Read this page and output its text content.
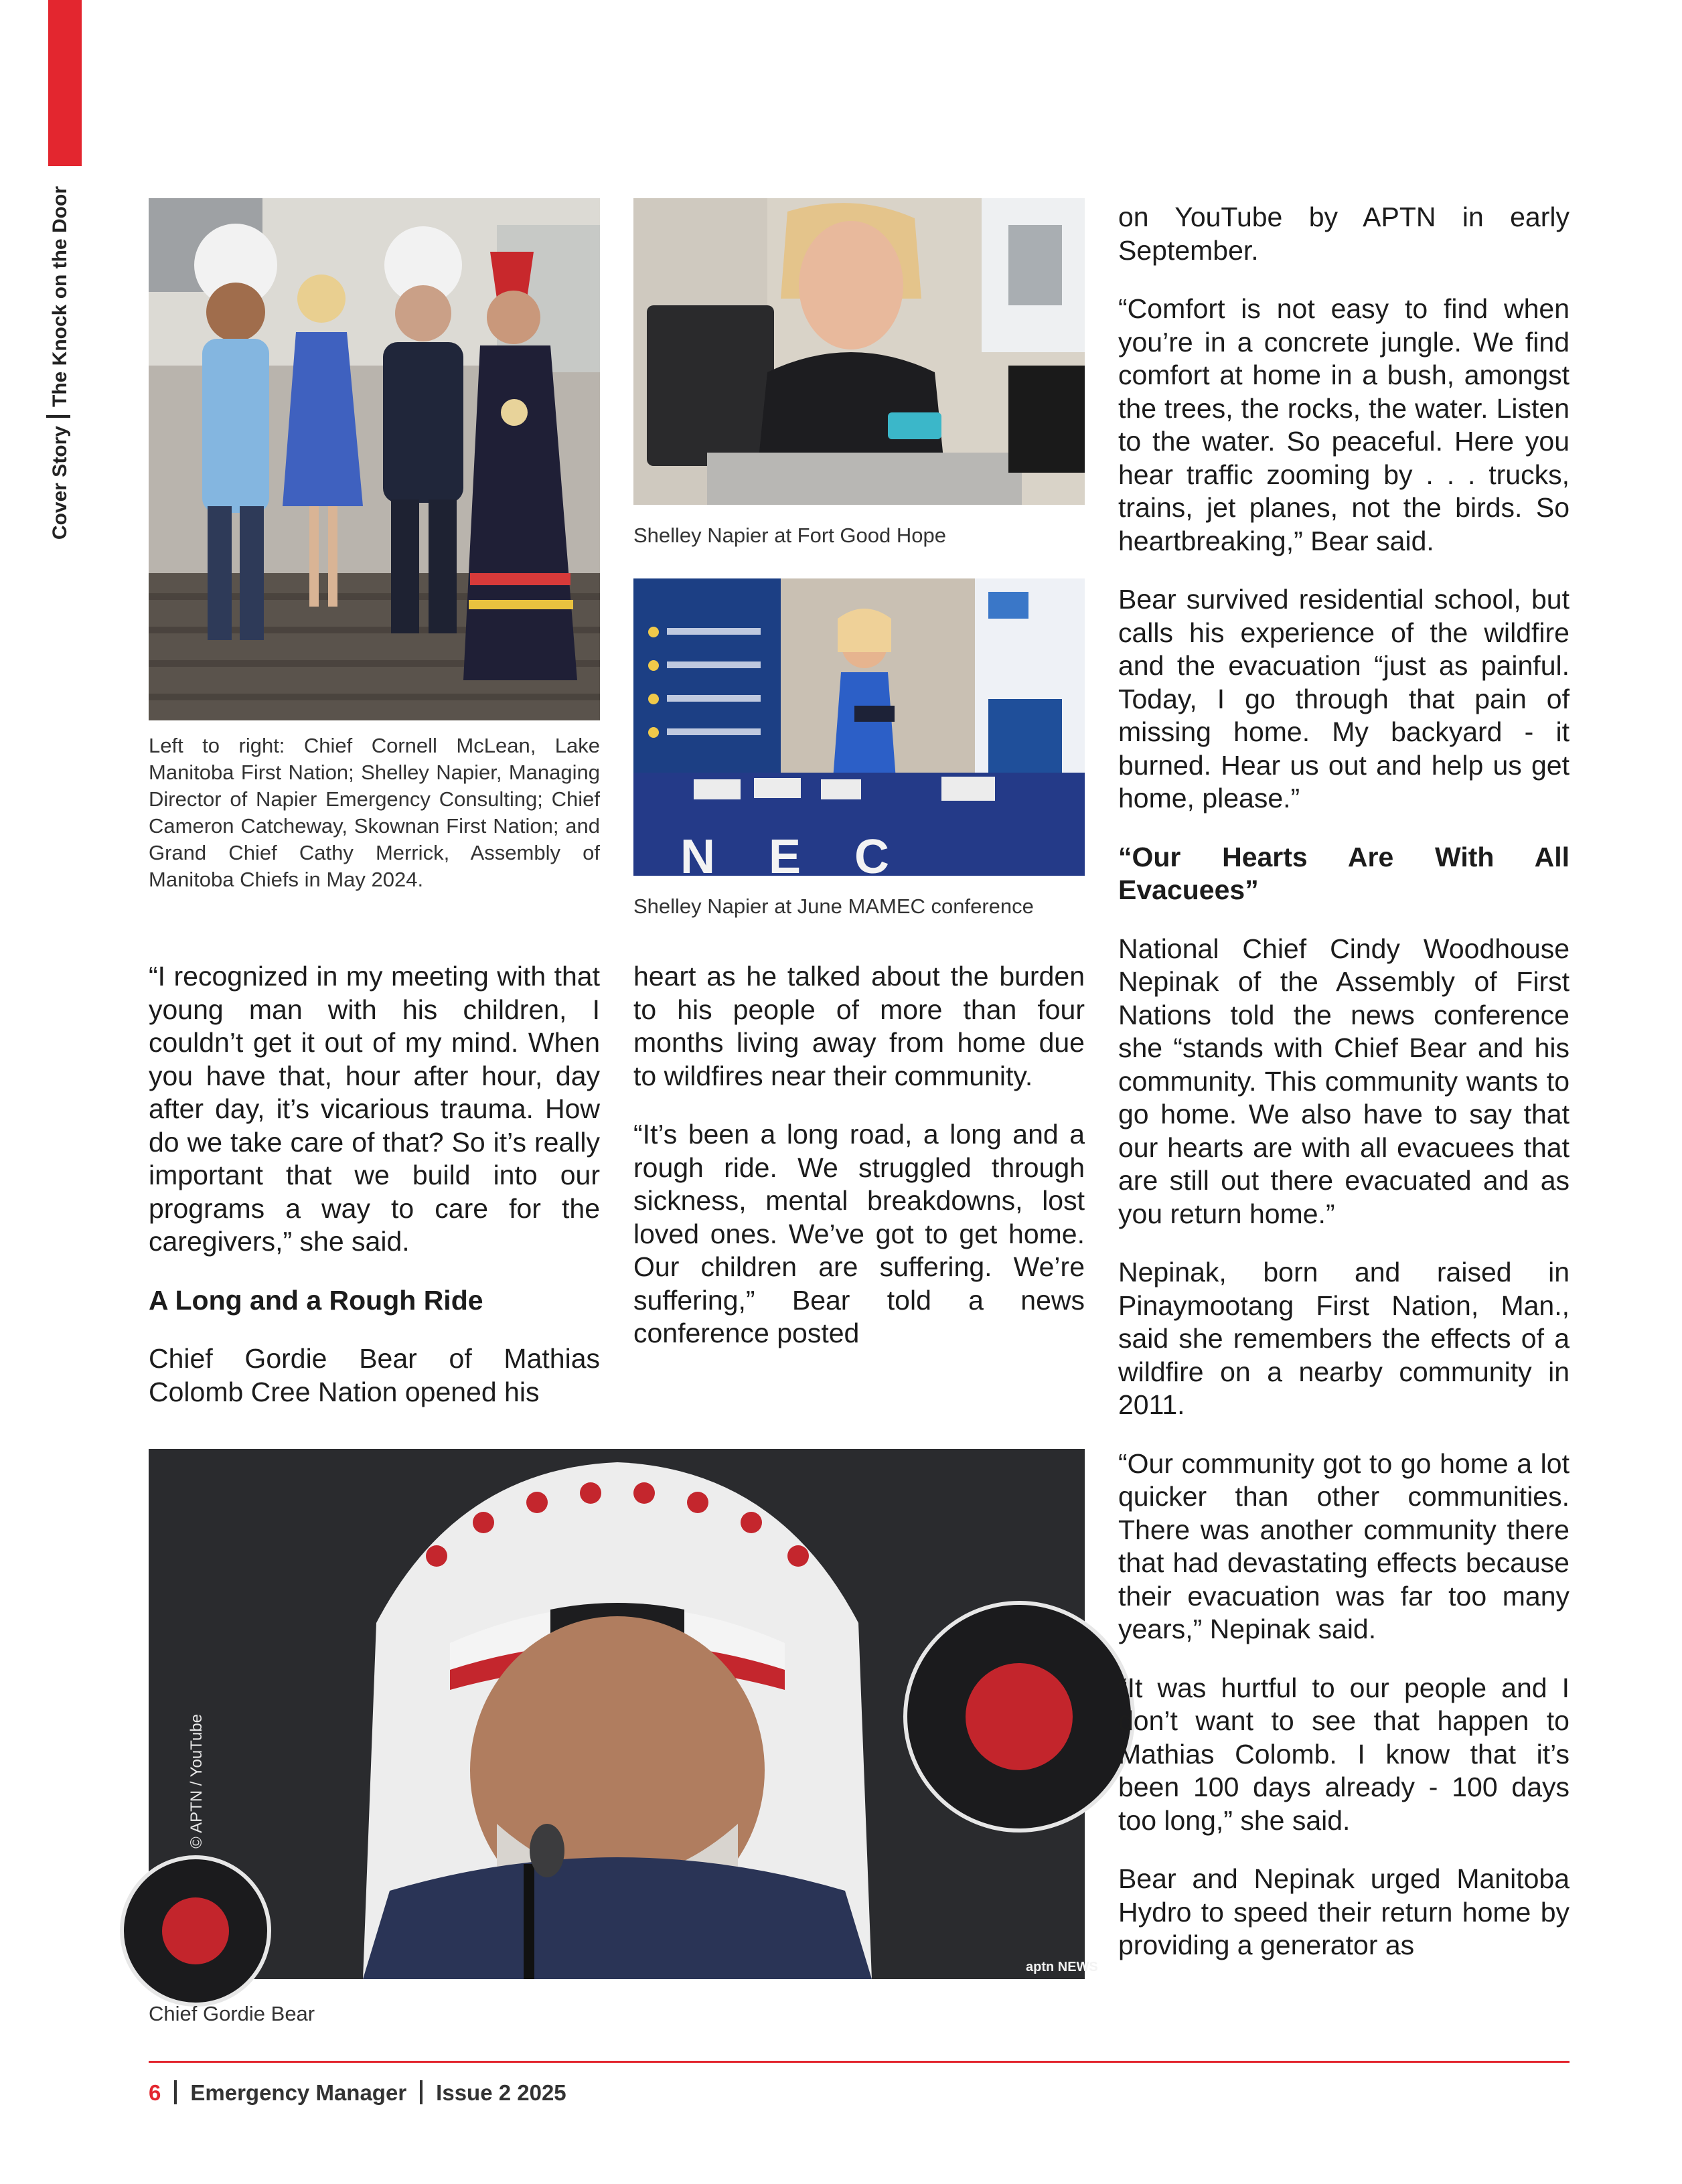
Cover StoryThe Knock on the Door
Left to right: Chief Cornell McLean, Lake Manitoba First Nation; Shelley Napier, Managing Director of Napier Emergency Consulting; Chief Cameron Catcheway, Skownan First Nation; and Grand Chief Cathy Merrick, Assembly of Manitoba Chiefs in May 2024.
Shelley Napier at Fort Good Hope
N E C
Shelley Napier at June MAMEC conference

“I recognized in my meeting with that young man with his children, I couldn’t get it out of my mind. When you have that, hour after hour, day after day, it’s vicarious trauma. How do we take care of that? So it’s really important that we build into our programs a way to care for the caregivers,” she said.

A Long and a Rough Ride

Chief Gordie Bear of Mathias Colomb Cree Nation opened his

heart as he talked about the burden to his people of more than four months living away from home due to wildfires near their community.

“It’s been a long road, a long and a rough ride. We struggled through sickness, mental breakdowns, lost loved ones. We’ve got to get home. Our children are suffering. We’re suffering,” Bear told a news conference posted

aptn NEWS
© APTN / YouTube
Chief Gordie Bear

on YouTube by APTN in early September.

“Comfort is not easy to find when you’re in a concrete jungle. We find comfort at home in a bush, amongst the trees, the rocks, the water. Listen to the water. So peaceful. Here you hear traffic zooming by . . . trucks, trains, jet planes, not the birds. So heartbreaking,” Bear said.

Bear survived residential school, but calls his experience of the wildfire and the evacuation “just as painful. Today, I go through that pain of missing home. My backyard - it burned. Hear us out and help us get home, please.”

“Our Hearts Are With All Evacuees”

National Chief Cindy Woodhouse Nepinak of the Assembly of First Nations told the news conference she “stands with Chief Bear and his community. This community wants to go home. We also have to say that our hearts are with all evacuees that are still out there evacuated and as you return home.”

Nepinak, born and raised in Pinaymootang First Nation, Man., said she remembers the effects of a wildfire on a nearby community in 2011.

“Our community got to go home a lot quicker than other communities. There was another community there that had devastating effects because their evacuation was far too many years,” Nepinak said.

“It was hurtful to our people and I don’t want to see that happen to Mathias Colomb. I know that it’s been 100 days already - 100 days too long,” she said.

Bear and Nepinak urged Manitoba Hydro to speed their return home by providing a generator as

6 Emergency Manager Issue 2 2025
